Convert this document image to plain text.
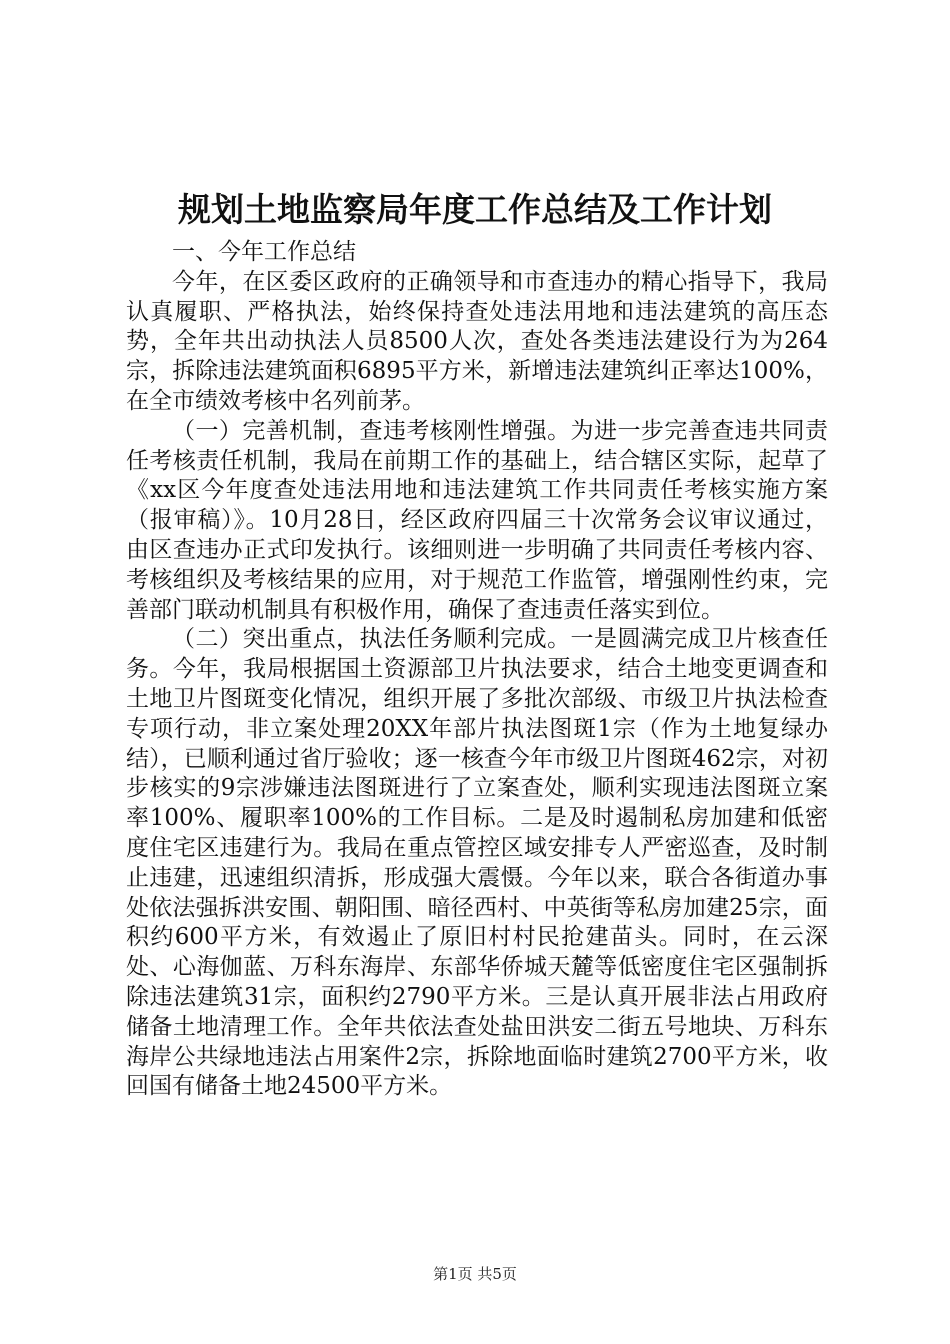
规划土地监察局年度工作总结及工作计划

一、今年工作总结

今年，在区委区政府的正确领导和市查违办的精心指导下，我局认真履职、严格执法，始终保持查处违法用地和违法建筑的高压态势，全年共出动执法人员8500人次，查处各类违法建设行为为264宗，拆除违法建筑面积6895平方米，新增违法建筑纠正率达100%，在全市绩效考核中名列前茅。

（一）完善机制，查违考核刚性增强。为进一步完善查违共同责任考核责任机制，我局在前期工作的基础上，结合辖区实际，起草了《xx区今年度查处违法用地和违法建筑工作共同责任考核实施方案（报审稿）》。10月28日，经区政府四届三十次常务会议审议通过，由区查违办正式印发执行。该细则进一步明确了共同责任考核内容、考核组织及考核结果的应用，对于规范工作监管，增强刚性约束，完善部门联动机制具有积极作用，确保了查违责任落实到位。

（二）突出重点，执法任务顺利完成。一是圆满完成卫片核查任务。今年，我局根据国土资源部卫片执法要求，结合土地变更调查和土地卫片图斑变化情况，组织开展了多批次部级、市级卫片执法检查专项行动，非立案处理20XX年部片执法图斑1宗（作为土地复绿办结），已顺利通过省厅验收；逐一核查今年市级卫片图斑462宗，对初步核实的9宗涉嫌违法图斑进行了立案查处，顺利实现违法图斑立案率100%、履职率100%的工作目标。二是及时遏制私房加建和低密度住宅区违建行为。我局在重点管控区域安排专人严密巡查，及时制止违建，迅速组织清拆，形成强大震慑。今年以来，联合各街道办事处依法强拆洪安围、朝阳围、暗径西村、中英街等私房加建25宗，面积约600平方米，有效遏止了原旧村村民抢建苗头。同时，在云深处、心海伽蓝、万科东海岸、东部华侨城天麓等低密度住宅区强制拆除违法建筑31宗，面积约2790平方米。三是认真开展非法占用政府储备土地清理工作。全年共依法查处盐田洪安二街五号地块、万科东海岸公共绿地违法占用案件2宗，拆除地面临时建筑2700平方米，收回国有储备土地24500平方米。

第1页 共5页
